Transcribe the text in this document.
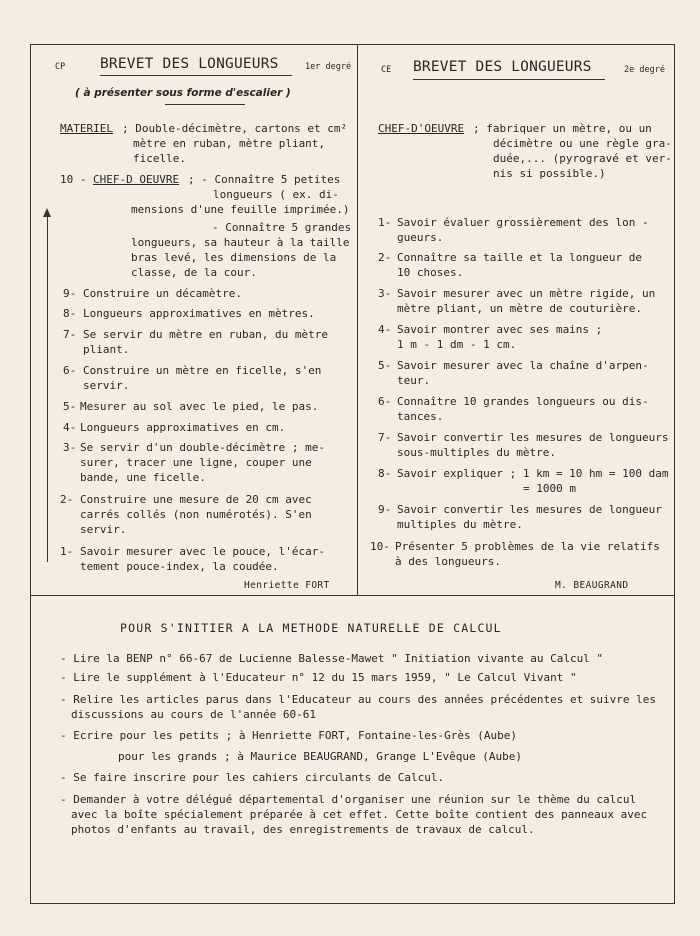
CP BREVET DES LONGUEURS	1er degré
( à présenter sous forme d'escalier )
MATERIEL ; Double-décimètre, cartons et cm²
mètre en ruban, mètre pliant,
ficelle.
10 - CHEF-D OEUVRE ; - Connaître 5 petites
longueurs ( ex. di-
mensions d'une feuille imprimée.)
- Connaître 5 grandes
longueurs, sa hauteur à la taille
bras levé, les dimensions de la
classe, de la cour.
9- Construire un décamètre.
8- Longueurs approximatives en mètres.
7- Se servir du mètre en ruban, du mètre
pliant.
6- Construire un mètre en ficelle, s'en
servir.
5- Mesurer au sol avec le pied, le pas.
4- Longueurs approximatives en cm.
3- Se servir d'un double-décimètre ; me-
surer, tracer une ligne, couper une
bande, une ficelle.
2- Construire une mesure de 20 cm avec
carrés collés (non numérotés). S'en
servir.
1- Savoir mesurer avec le pouce, l'écar-
tement pouce-index, la coudée.
Henriette FORT
CE BREVET DES LONGUEURS	2e degré
CHEF-D'OEUVRE ; fabriquer un mètre, ou un
décimètre ou une règle gra-
duée,... (pyrogravé et ver-
nis si possible.)
1- Savoir évaluer grossièrement des lon -
gueurs.
2- Connaître sa taille et la longueur de
10 choses.
3- Savoir mesurer avec un mètre rigide, un
mètre pliant, un mètre de couturière.
4- Savoir montrer avec ses mains ;
1 m - 1 dm - 1 cm.
5- Savoir mesurer avec la chaîne d'arpen-
teur.
6- Connaître 10 grandes longueurs ou dis-
tances.
7- Savoir convertir les mesures de longueurs
sous-multiples du mètre.
8- Savoir expliquer ; 1 km = 10 hm = 100 dam
= 1000 m
9- Savoir convertir les mesures de longueur
multiples du mètre.
10- Présenter 5 problèmes de la vie relatifs
à des longueurs.
M. BEAUGRAND
POUR S'INITIER A LA METHODE NATURELLE DE CALCUL
- Lire la BENP n° 66-67 de Lucienne Balesse-Mawet " Initiation vivante au Calcul "
- Lire le supplément à l'Educateur n° 12 du 15 mars 1959, " Le Calcul Vivant "
- Relire les articles parus dans l'Educateur au cours des années précédentes et suivre les
discussions au cours de l'année 60-61
- Ecrire pour les petits ; à Henriette FORT, Fontaine-les-Grès (Aube)
pour les grands ; à Maurice BEAUGRAND, Grange L'Evêque (Aube)
- Se faire inscrire pour les cahiers circulants de Calcul.
- Demander à votre délégué départemental d'organiser une réunion sur le thème du calcul
avec la boîte spécialement préparée à cet effet. Cette boîte contient des panneaux avec
photos d'enfants au travail, des enregistrements de travaux de calcul.
